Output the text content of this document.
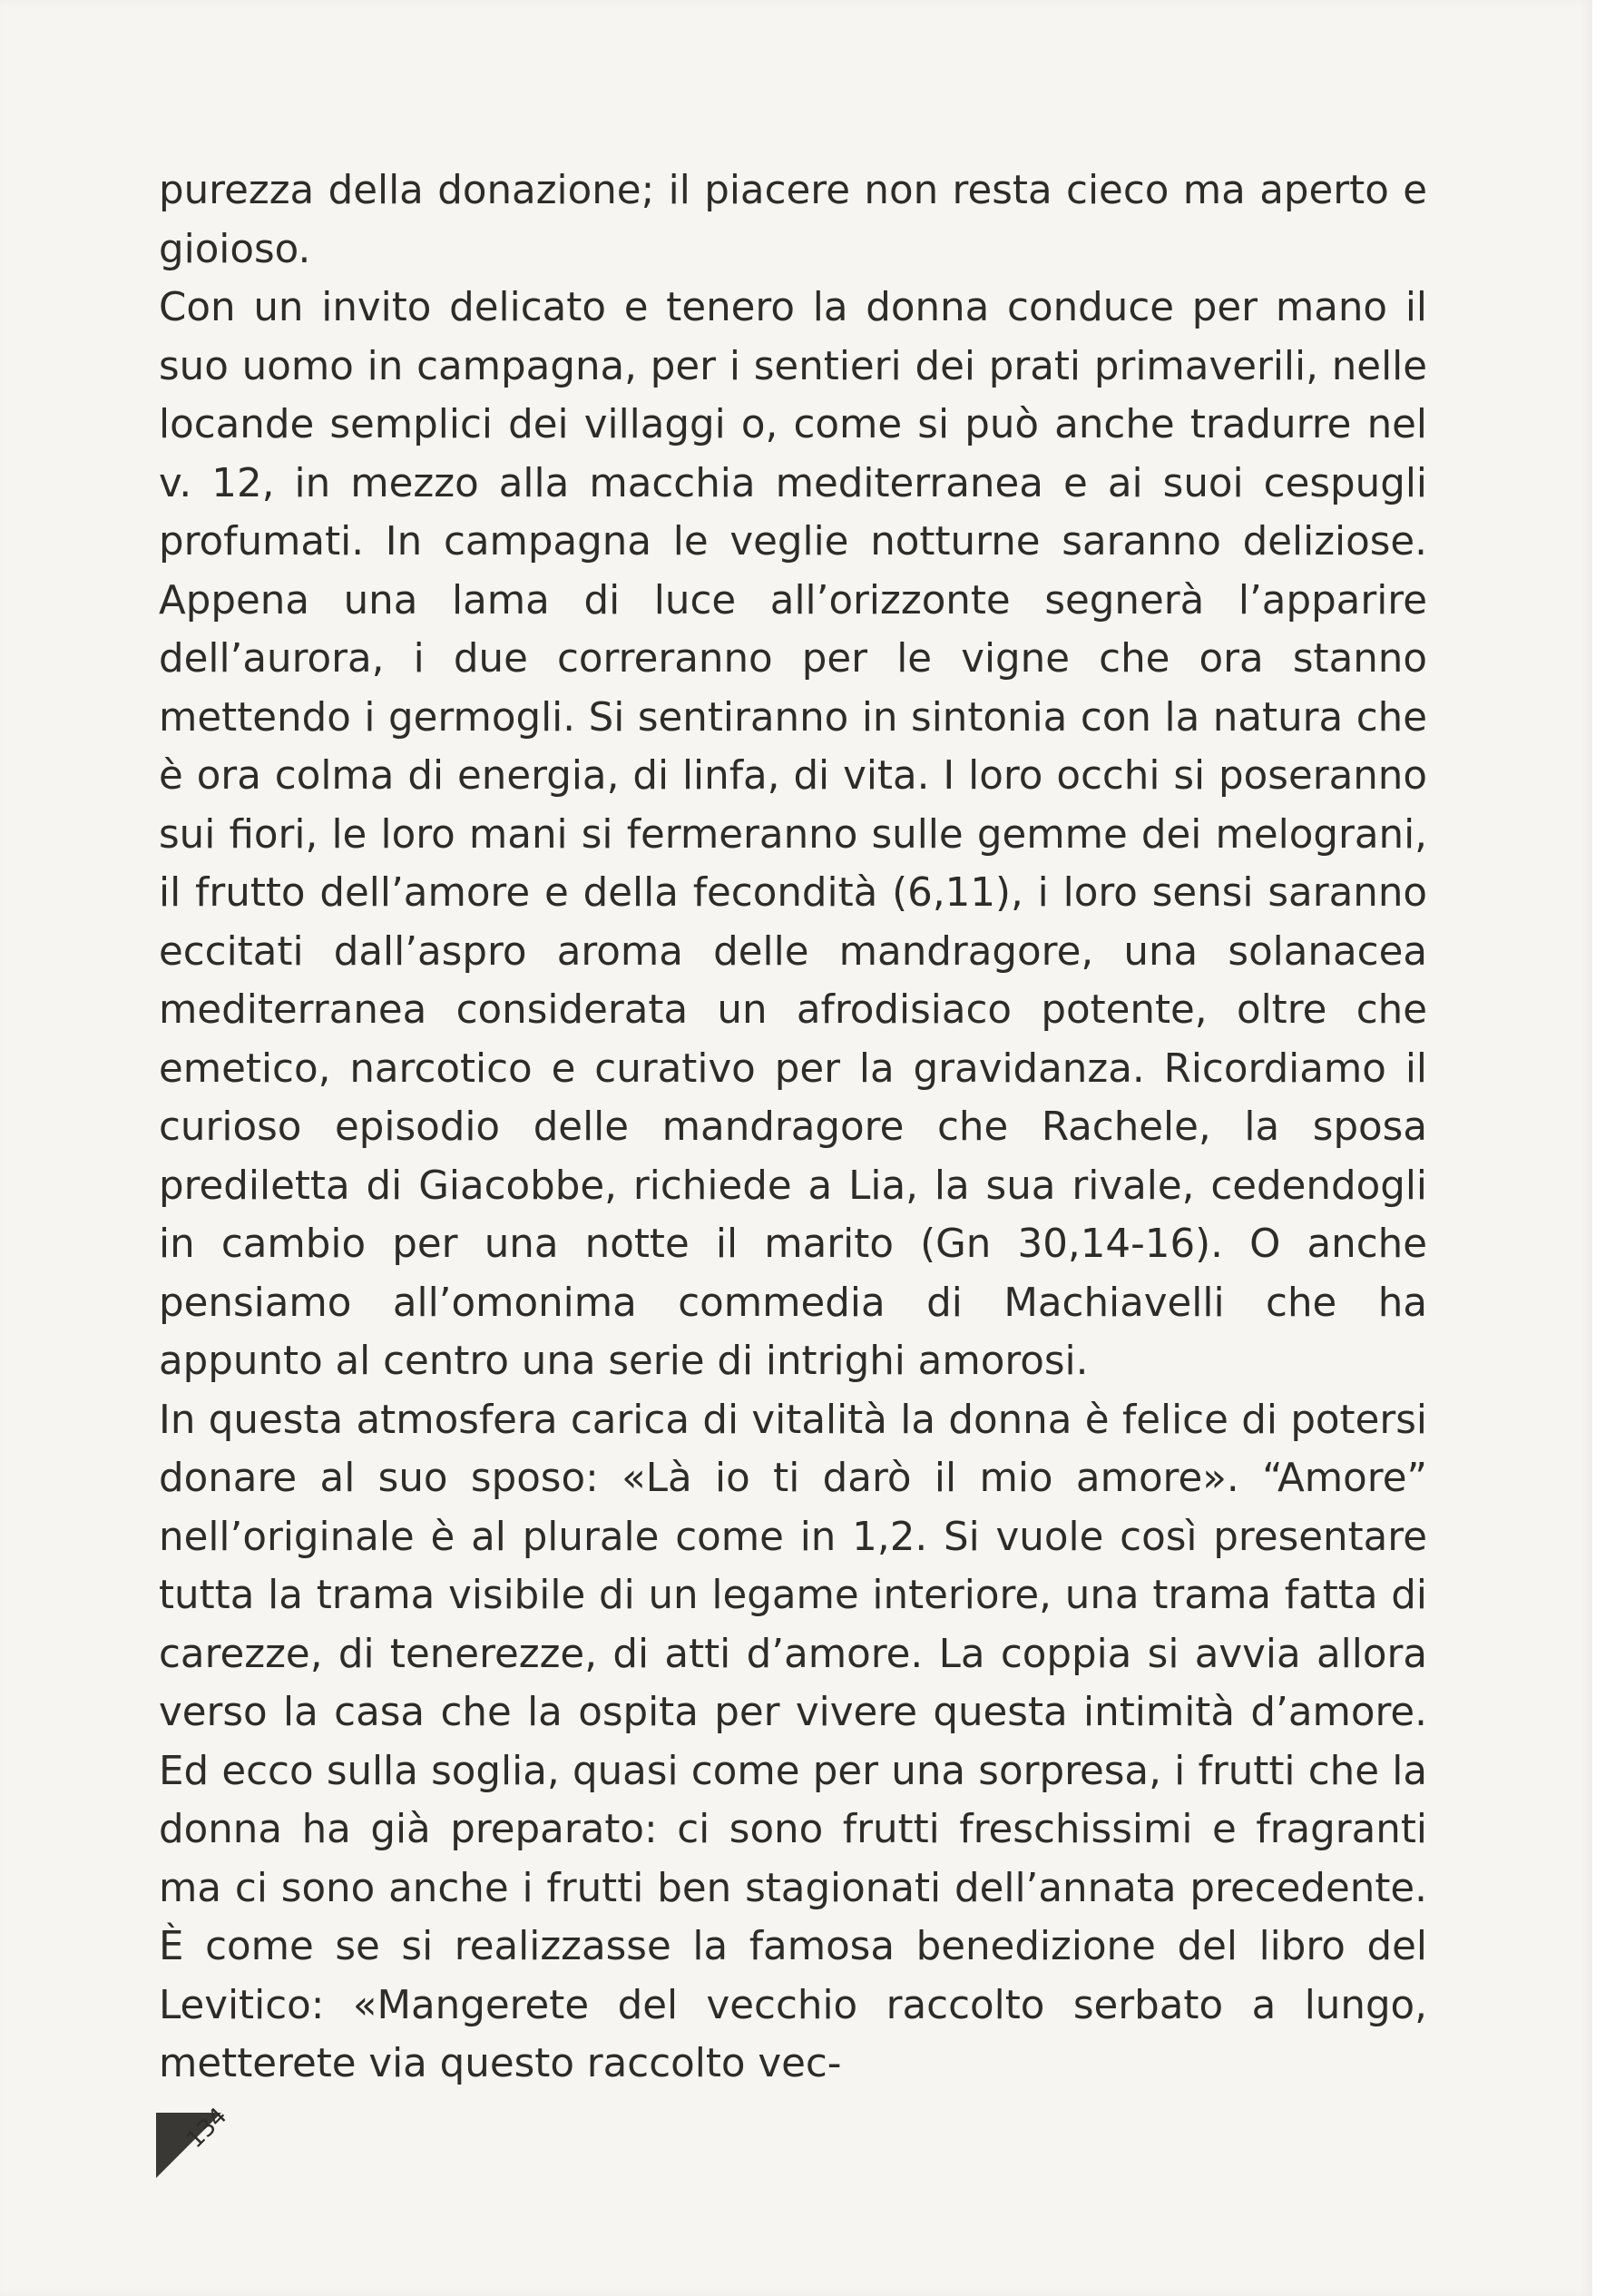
purezza della donazione; il piacere non resta cieco ma aperto e gioioso.

Con un invito delicato e tenero la donna conduce per mano il suo uomo in campagna, per i sentieri dei prati primaverili, nelle locande semplici dei villaggi o, come si può anche tradurre nel v. 12, in mezzo alla macchia mediterranea e ai suoi cespugli profumati. In campagna le veglie notturne saranno deliziose. Appena una lama di luce all’orizzonte segnerà l’apparire dell’aurora, i due correranno per le vigne che ora stanno mettendo i germogli. Si sentiranno in sintonia con la natura che è ora colma di energia, di linfa, di vita. I loro occhi si poseranno sui fiori, le loro mani si fermeranno sulle gemme dei melograni, il frutto dell’amore e della fecondità (6,11), i loro sensi saranno eccitati dall’aspro aroma delle mandragore, una solanacea mediterranea considerata un afrodisiaco potente, oltre che emetico, narcotico e curativo per la gravidanza. Ricordiamo il curioso episodio delle mandragore che Rachele, la sposa prediletta di Giacobbe, richiede a Lia, la sua rivale, cedendogli in cambio per una notte il marito (Gn 30,14-16). O anche pensiamo all’omonima commedia di Machiavelli che ha appunto al centro una serie di intrighi amorosi.

In questa atmosfera carica di vitalità la donna è felice di potersi donare al suo sposo: «Là io ti darò il mio amore». “Amore” nell’originale è al plurale come in 1,2. Si vuole così presentare tutta la trama visibile di un legame interiore, una trama fatta di carezze, di tenerezze, di atti d’amore. La coppia si avvia allora verso la casa che la ospita per vivere questa intimità d’amore. Ed ecco sulla soglia, quasi come per una sorpresa, i frutti che la donna ha già preparato: ci sono frutti freschissimi e fragranti ma ci sono anche i frutti ben stagionati dell’annata precedente. È come se si realizzasse la famosa benedizione del libro del Levitico: «Mangerete del vecchio raccolto serbato a lungo, metterete via questo raccolto vec-

134
